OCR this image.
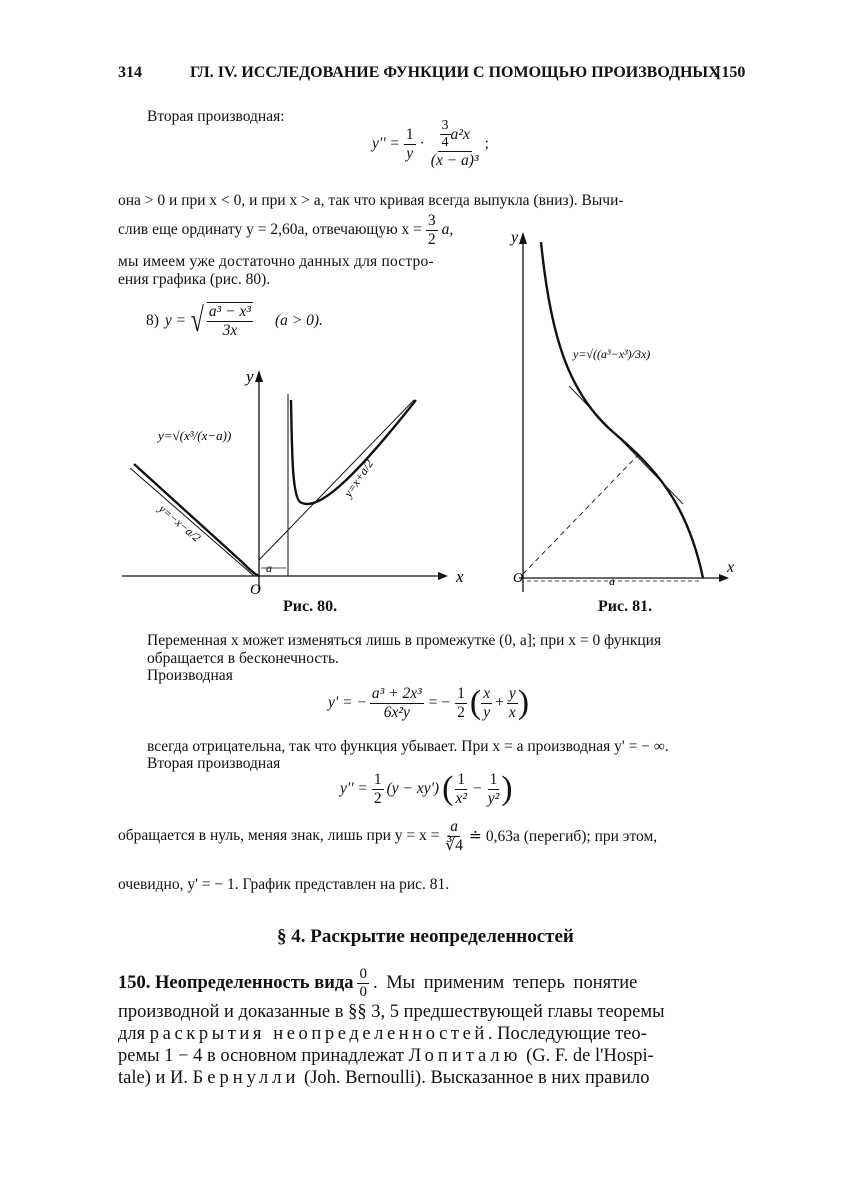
314	ГЛ. IV. ИССЛЕДОВАНИЕ ФУНКЦИИ С ПОМОЩЬЮ ПРОИЗВОДНЫХ
[150
Вторая производная:
$y'' = \frac{1}{y} \cdot \frac{\frac{3}{4} a^2x}{\text{(x − a)³}}$ ;
она > 0 и при x < 0, и при x > a, так что кривая всегда выпукла (вниз). Вычи-
слив еще ординату y = 2,60a, отвечающую $x = \frac{3}{2} a$,
мы имеем уже достаточно данных для постро-
ения графика (рис. 80).
8) y = √ $\frac{\text{a³ − x³}}{3x} (a > 0)$.
a
y
x
O
y=√(x³/(x−a))
y=x+a/2
y=−x−a/2
Рис. 80.
a
y
x
O
y=√((a³−x³)/3x)
Рис. 81.
Переменная x может изменяться лишь в промежутке (0, a]; при x = 0 функция
обращается в бесконечность.
Производная
y' = − $\frac{\text{a³ + 2x³}}{\text{6x²y}}$ = − $\frac{1}{2}$ ( $\frac{x}{y} + \frac{y}{x}$ )
всегда отрицательна, так что функция убывает. При x = a производная y' = − ∞.
Вторая производная
$y'' = \frac{1}{2} (y - xy')$ ( $\frac{1}{\text{x²}} - \frac{1}{\text{y²}}$ )
обращается в нуль, меняя знак, лишь при $y = x = \frac{a}{∛4}$ ≐ 0,63a (перегиб); при этом,
очевидно, y' = − 1. График представлен на рис. 81.
§ 4. Раскрытие неопределенностей
150. Неопределенность вида $\frac{0}{0}$ . Мы применим теперь понятие
производной и доказанные в §§ 3, 5 предшествующей главы теоремы
для раскрытия неопределенностей. Последующие тео-
ремы 1 − 4 в основном принадлежат Лопиталю (G. F. de l'Hospi-
tale) и И. Бернулли (Joh. Bernoulli). Высказанное в них правило
